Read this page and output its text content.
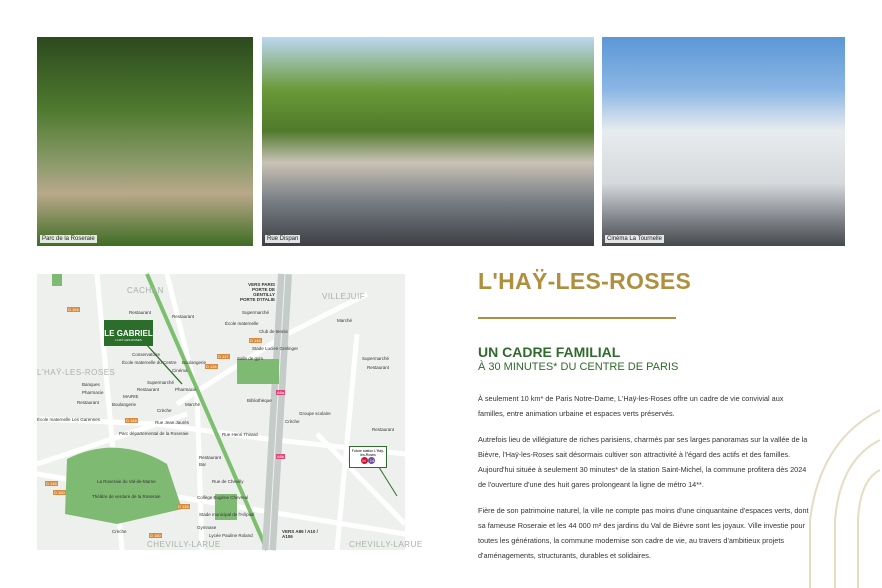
Parc de la Roseraie	Rue Dispan	Cinéma La Tournelle
LE GABRIEL
L'HAŸ-LES-ROSES
CACHAN
VILLEJUIF
L'HAŸ-LES-ROSES
CHEVILLY-LARUE	CHEVILLY-LARUE
VERS PARIS PORTE DE GENTILLY PORTE D'ITALIE
VERS A86 / A10 / A106
D 154
D 126
D 127
D 148
D 148
D 148
D 160
D 126
D 160
A6a
A6b
Rue Henri Thirard
Rue Jean Jaurès
Rue de Chevilly
Future station L'Haÿ-les-Roses
M 14
Restaurant
Restaurant
Supermarché
École maternelle
Marché
Club de tennis
Stade Lucien Grelinger
Salle de gym	Supermarché
Restaurant
Conservatoire
École maternelle du Centre Boulangerie
Cinéma
Banques
Pharmacie
MAIRIE
Supermarché
Restaurant	Pharmacie
Boulangerie
Crèche
Marché
Bibliothèque
Crèche
Groupe scolaire
Restaurant
Restaurant
École maternelle Les Garennes
Parc départemental de la Roseraie
Restaurant
Bar
La Roseraie du Val-de-Marne
Théâtre de verdure de la Roseraie	Collège Eugène Chevreul
Stade municipal de l'Hôpital
Crèche
Gymnase
Lycée Pauline Roland
L'HAŸ-LES-ROSES
UN CADRE FAMILIAL
À 30 MINUTES* DU CENTRE DE PARIS

À seulement 10 km* de Paris Notre-Dame, L'Haÿ-les-Roses offre un cadre de vie convivial aux familles, entre animation urbaine et espaces verts préservés.

Autrefois lieu de villégiature de riches parisiens, charmés par ses larges panoramas sur la vallée de la Bièvre, l'Haÿ-les-Roses sait désormais cultiver son attractivité à l'égard des actifs et des familles. Aujourd'hui située à seulement 30 minutes* de la station Saint-Michel, la commune profitera dès 2024 de l'ouverture d'une des huit gares prolongeant la ligne de métro 14**.

Fière de son patrimoine naturel, la ville ne compte pas moins d'une cinquantaine d'espaces verts, dont sa fameuse Roseraie et les 44 000 m² des jardins du Val de Bièvre sont les joyaux. Ville investie pour toutes les générations, la commune modernise son cadre de vie, au travers d'ambitieux projets d'aménagements, structurants, durables et solidaires.
